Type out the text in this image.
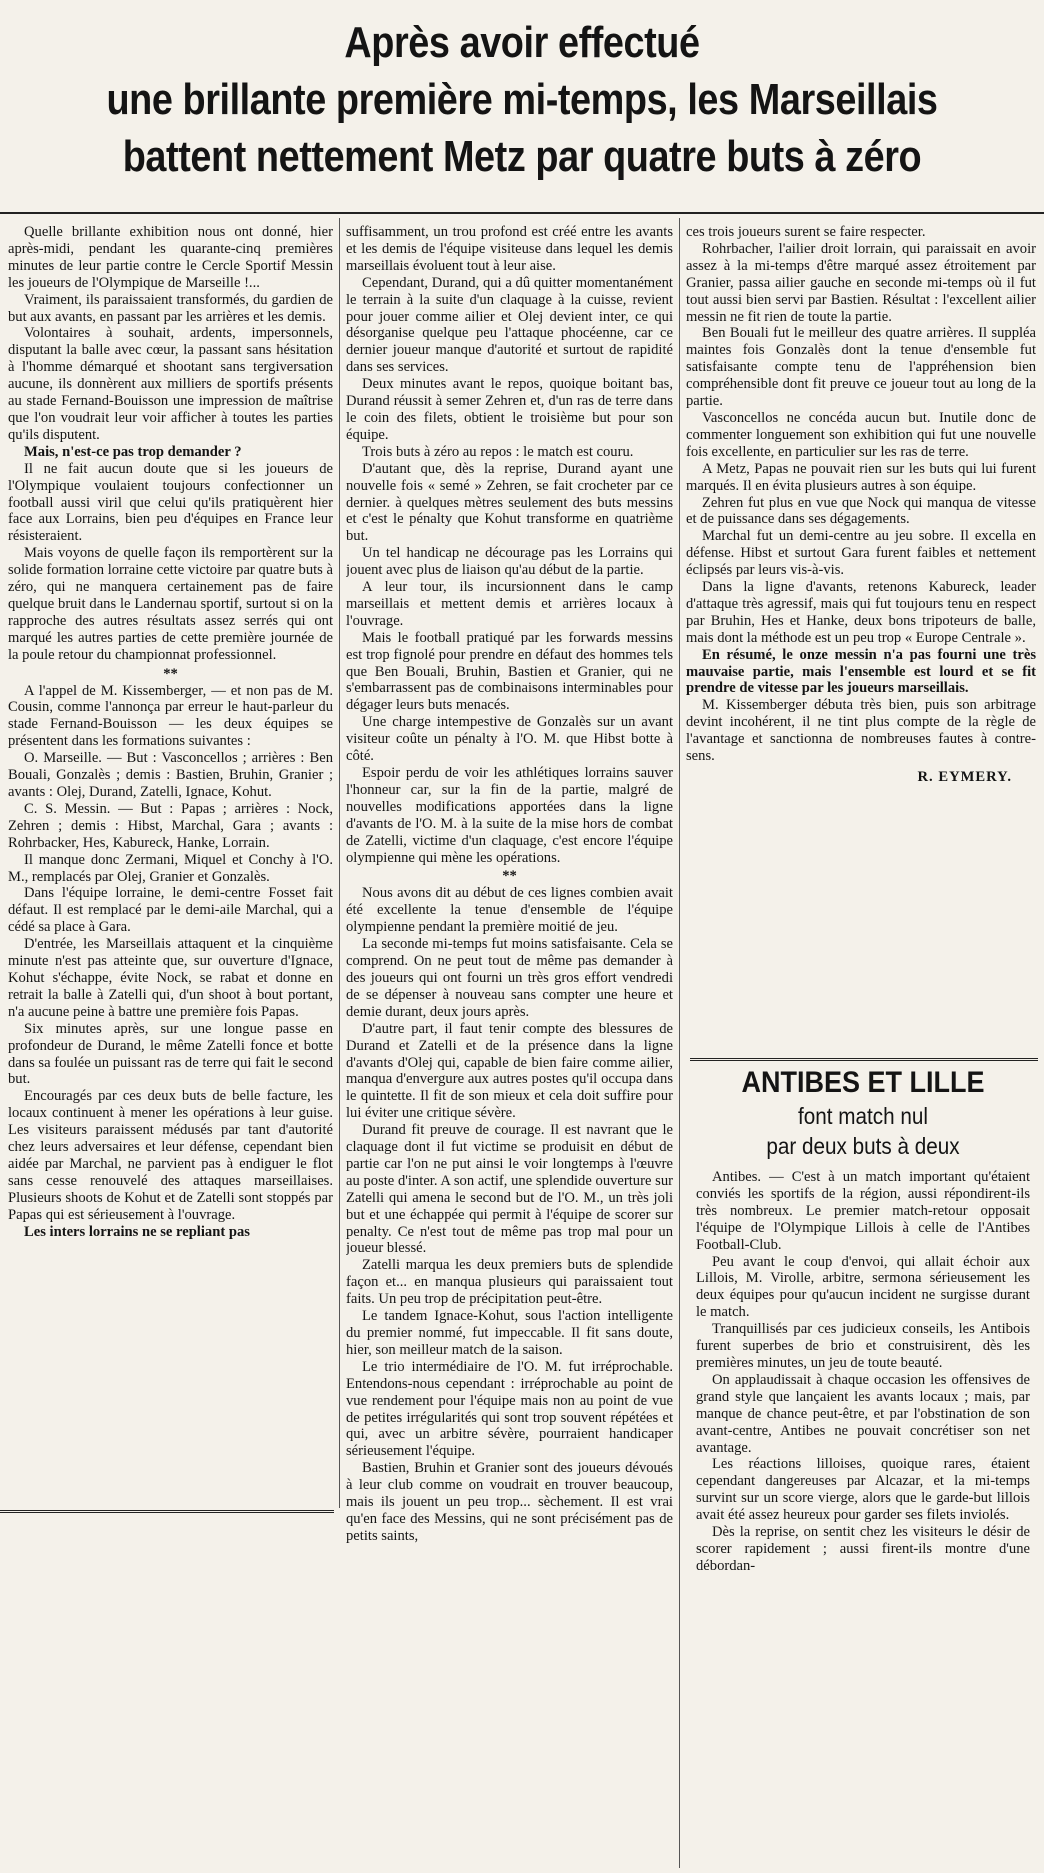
Après avoir effectué
une brillante première mi-temps, les Marseillais
battent nettement Metz par quatre buts à zéro

Quelle brillante exhibition nous ont donné, hier après-midi, pendant les quarante-cinq premières minutes de leur partie contre le Cercle Sportif Messin les joueurs de l'Olympique de Marseille !...

Vraiment, ils paraissaient transformés, du gardien de but aux avants, en passant par les arrières et les demis.

Volontaires à souhait, ardents, impersonnels, disputant la balle avec cœur, la passant sans hésitation à l'homme démarqué et shootant sans tergiversation aucune, ils donnèrent aux milliers de sportifs présents au stade Fernand-Bouisson une impression de maîtrise que l'on voudrait leur voir afficher à toutes les parties qu'ils disputent.

Mais, n'est-ce pas trop demander ?

Il ne fait aucun doute que si les joueurs de l'Olympique voulaient toujours confectionner un football aussi viril que celui qu'ils pratiquèrent hier face aux Lorrains, bien peu d'équipes en France leur résisteraient.

Mais voyons de quelle façon ils remportèrent sur la solide formation lorraine cette victoire par quatre buts à zéro, qui ne manquera certainement pas de faire quelque bruit dans le Landernau sportif, surtout si on la rapproche des autres résultats assez serrés qui ont marqué les autres parties de cette première journée de la poule retour du championnat professionnel.

**

A l'appel de M. Kissemberger, — et non pas de M. Cousin, comme l'annonça par erreur le haut-parleur du stade Fernand-Bouisson — les deux équipes se présentent dans les formations suivantes :

O. Marseille. — But : Vasconcellos ; arrières : Ben Bouali, Gonzalès ; demis : Bastien, Bruhin, Granier ; avants : Olej, Durand, Zatelli, Ignace, Kohut.

C. S. Messin. — But : Papas ; arrières : Nock, Zehren ; demis : Hibst, Marchal, Gara ; avants : Rohrbacker, Hes, Kabureck, Hanke, Lorrain.

Il manque donc Zermani, Miquel et Conchy à l'O. M., remplacés par Olej, Granier et Gonzalès.

Dans l'équipe lorraine, le demi-centre Fosset fait défaut. Il est remplacé par le demi-aile Marchal, qui a cédé sa place à Gara.

D'entrée, les Marseillais attaquent et la cinquième minute n'est pas atteinte que, sur ouverture d'Ignace, Kohut s'échappe, évite Nock, se rabat et donne en retrait la balle à Zatelli qui, d'un shoot à bout portant, n'a aucune peine à battre une première fois Papas.

Six minutes après, sur une longue passe en profondeur de Durand, le même Zatelli fonce et botte dans sa foulée un puissant ras de terre qui fait le second but.

Encouragés par ces deux buts de belle facture, les locaux continuent à mener les opérations à leur guise. Les visiteurs paraissent médusés par tant d'autorité chez leurs adversaires et leur défense, cependant bien aidée par Marchal, ne parvient pas à endiguer le flot sans cesse renouvelé des attaques marseillaises. Plusieurs shoots de Kohut et de Zatelli sont stoppés par Papas qui est sérieusement à l'ouvrage.

Les inters lorrains ne se repliant pas

suffisamment, un trou profond est créé entre les avants et les demis de l'équipe visiteuse dans lequel les demis marseillais évoluent tout à leur aise.

Cependant, Durand, qui a dû quitter momentanément le terrain à la suite d'un claquage à la cuisse, revient pour jouer comme ailier et Olej devient inter, ce qui désorganise quelque peu l'attaque phocéenne, car ce dernier joueur manque d'autorité et surtout de rapidité dans ses services.

Deux minutes avant le repos, quoique boitant bas, Durand réussit à semer Zehren et, d'un ras de terre dans le coin des filets, obtient le troisième but pour son équipe.

Trois buts à zéro au repos : le match est couru.

D'autant que, dès la reprise, Durand ayant une nouvelle fois « semé » Zehren, se fait crocheter par ce dernier. à quelques mètres seulement des buts messins et c'est le pénalty que Kohut transforme en quatrième but.

Un tel handicap ne décourage pas les Lorrains qui jouent avec plus de liaison qu'au début de la partie.

A leur tour, ils incursionnent dans le camp marseillais et mettent demis et arrières locaux à l'ouvrage.

Mais le football pratiqué par les forwards messins est trop fignolé pour prendre en défaut des hommes tels que Ben Bouali, Bruhin, Bastien et Granier, qui ne s'embarrassent pas de combinaisons interminables pour dégager leurs buts menacés.

Une charge intempestive de Gonzalès sur un avant visiteur coûte un pénalty à l'O. M. que Hibst botte à côté.

Espoir perdu de voir les athlétiques lorrains sauver l'honneur car, sur la fin de la partie, malgré de nouvelles modifications apportées dans la ligne d'avants de l'O. M. à la suite de la mise hors de combat de Zatelli, victime d'un claquage, c'est encore l'équipe olympienne qui mène les opérations.

**

Nous avons dit au début de ces lignes combien avait été excellente la tenue d'ensemble de l'équipe olympienne pendant la première moitié de jeu.

La seconde mi-temps fut moins satisfaisante. Cela se comprend. On ne peut tout de même pas demander à des joueurs qui ont fourni un très gros effort vendredi de se dépenser à nouveau sans compter une heure et demie durant, deux jours après.

D'autre part, il faut tenir compte des blessures de Durand et Zatelli et de la présence dans la ligne d'avants d'Olej qui, capable de bien faire comme ailier, manqua d'envergure aux autres postes qu'il occupa dans le quintette. Il fit de son mieux et cela doit suffire pour lui éviter une critique sévère.

Durand fit preuve de courage. Il est navrant que le claquage dont il fut victime se produisit en début de partie car l'on ne put ainsi le voir longtemps à l'œuvre au poste d'inter. A son actif, une splendide ouverture sur Zatelli qui amena le second but de l'O. M., un très joli but et une échappée qui permit à l'équipe de scorer sur penalty. Ce n'est tout de même pas trop mal pour un joueur blessé.

Zatelli marqua les deux premiers buts de splendide façon et... en manqua plusieurs qui paraissaient tout faits. Un peu trop de précipitation peut-être.

Le tandem Ignace-Kohut, sous l'action intelligente du premier nommé, fut impeccable. Il fit sans doute, hier, son meilleur match de la saison.

Le trio intermédiaire de l'O. M. fut irréprochable. Entendons-nous cependant : irréprochable au point de vue rendement pour l'équipe mais non au point de vue de petites irrégularités qui sont trop souvent répétées et qui, avec un arbitre sévère, pourraient handicaper sérieusement l'équipe.

Bastien, Bruhin et Granier sont des joueurs dévoués à leur club comme on voudrait en trouver beaucoup, mais ils jouent un peu trop... sèchement. Il est vrai qu'en face des Messins, qui ne sont précisément pas de petits saints,

ces trois joueurs surent se faire respecter.

Rohrbacher, l'ailier droit lorrain, qui paraissait en avoir assez à la mi-temps d'être marqué assez étroitement par Granier, passa ailier gauche en seconde mi-temps où il fut tout aussi bien servi par Bastien. Résultat : l'excellent ailier messin ne fit rien de toute la partie.

Ben Bouali fut le meilleur des quatre arrières. Il suppléa maintes fois Gonzalès dont la tenue d'ensemble fut satisfaisante compte tenu de l'appréhension bien compréhensible dont fit preuve ce joueur tout au long de la partie.

Vasconcellos ne concéda aucun but. Inutile donc de commenter longuement son exhibition qui fut une nouvelle fois excellente, en particulier sur les ras de terre.

A Metz, Papas ne pouvait rien sur les buts qui lui furent marqués. Il en évita plusieurs autres à son équipe.

Zehren fut plus en vue que Nock qui manqua de vitesse et de puissance dans ses dégagements.

Marchal fut un demi-centre au jeu sobre. Il excella en défense. Hibst et surtout Gara furent faibles et nettement éclipsés par leurs vis-à-vis.

Dans la ligne d'avants, retenons Kabureck, leader d'attaque très agressif, mais qui fut toujours tenu en respect par Bruhin, Hes et Hanke, deux bons tripoteurs de balle, mais dont la méthode est un peu trop « Europe Centrale ».

En résumé, le onze messin n'a pas fourni une très mauvaise partie, mais l'ensemble est lourd et se fit prendre de vitesse par les joueurs marseillais.

M. Kissemberger débuta très bien, puis son arbitrage devint incohérent, il ne tint plus compte de la règle de l'avantage et sanctionna de nombreuses fautes à contre-sens.

R. EYMERY.

ANTIBES ET LILLE
font match nul
par deux buts à deux

Antibes. — C'est à un match important qu'étaient conviés les sportifs de la région, aussi répondirent-ils très nombreux. Le premier match-retour opposait l'équipe de l'Olympique Lillois à celle de l'Antibes Football-Club.

Peu avant le coup d'envoi, qui allait échoir aux Lillois, M. Virolle, arbitre, sermona sérieusement les deux équipes pour qu'aucun incident ne surgisse durant le match.

Tranquillisés par ces judicieux conseils, les Antibois furent superbes de brio et construisirent, dès les premières minutes, un jeu de toute beauté.

On applaudissait à chaque occasion les offensives de grand style que lançaient les avants locaux ; mais, par manque de chance peut-être, et par l'obstination de son avant-centre, Antibes ne pouvait concrétiser son net avantage.

Les réactions lilloises, quoique rares, étaient cependant dangereuses par Alcazar, et la mi-temps survint sur un score vierge, alors que le garde-but lillois avait été assez heureux pour garder ses filets inviolés.

Dès la reprise, on sentit chez les visiteurs le désir de scorer rapidement ; aussi firent-ils montre d'une débordan-
